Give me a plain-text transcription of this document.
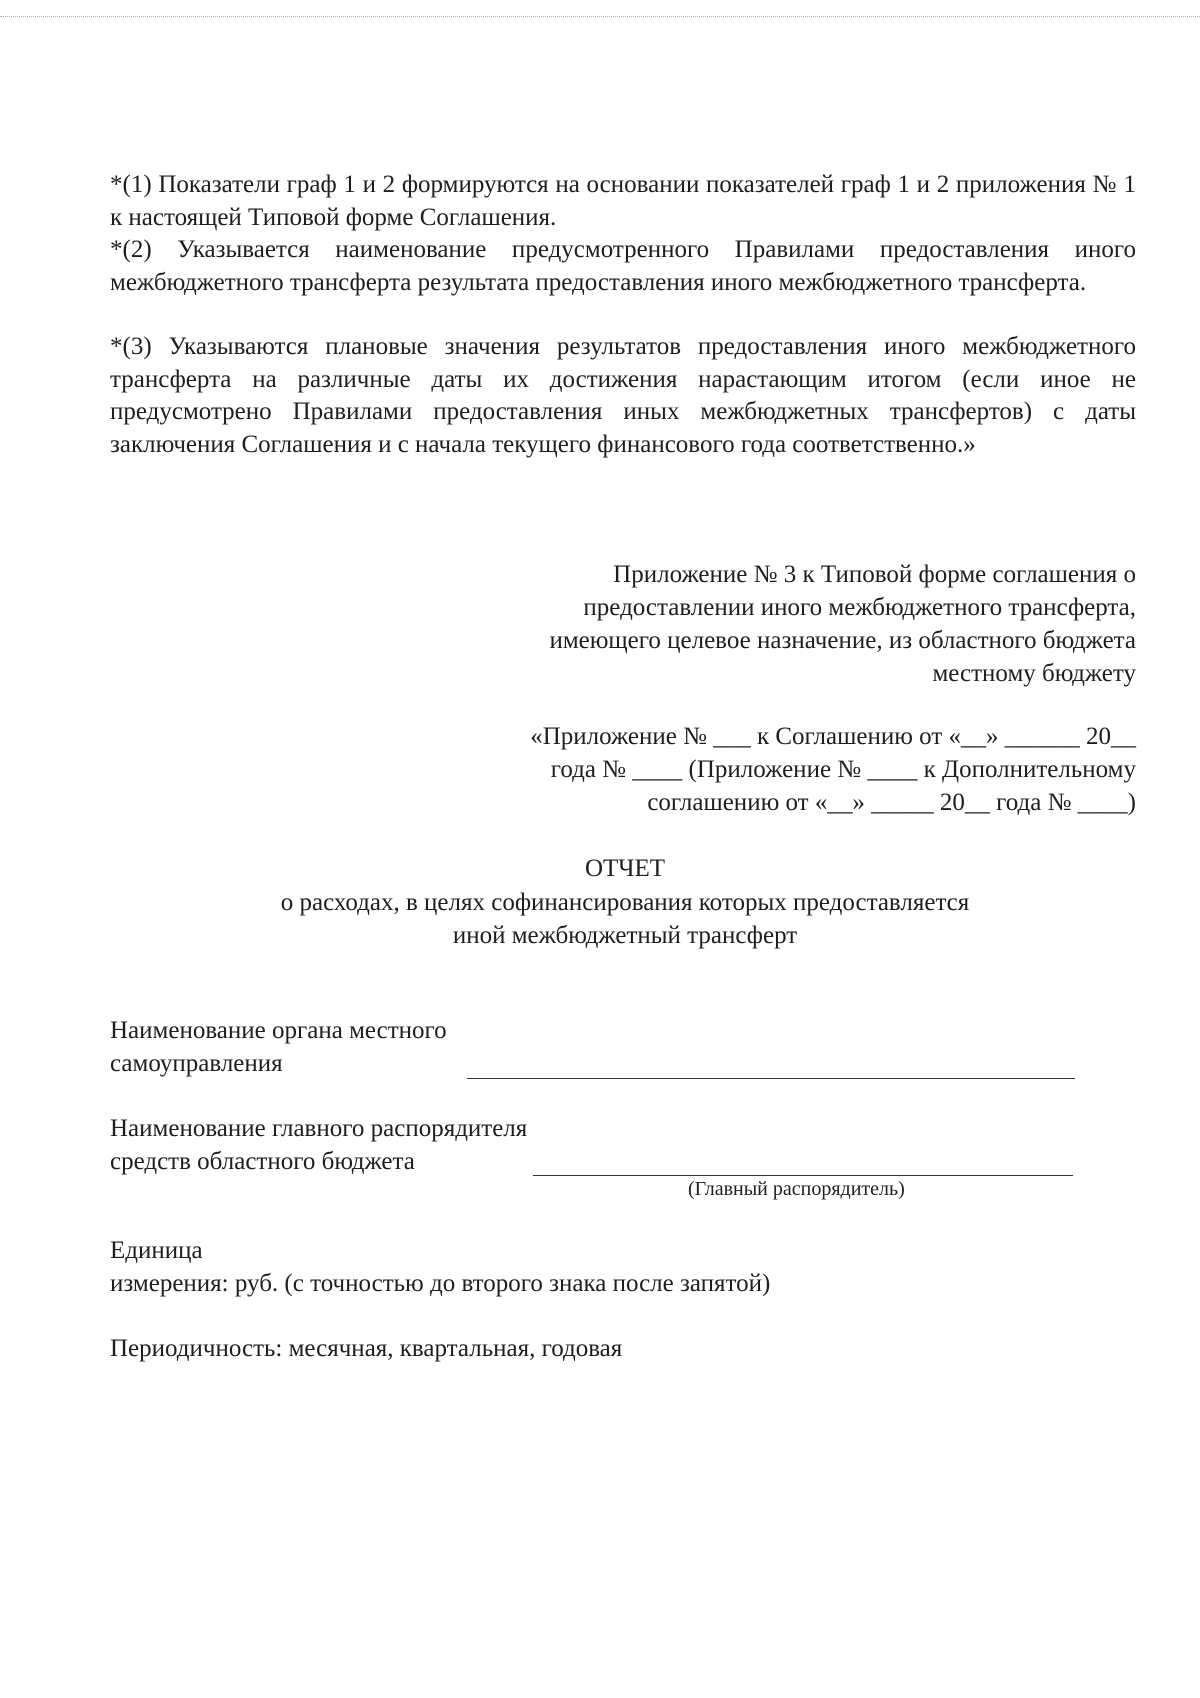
*(1) Показатели граф 1 и 2 формируются на основании показателей граф 1 и 2 приложения № 1 к настоящей Типовой форме Соглашения.
*(2) Указывается наименование предусмотренного Правилами предоставления иного межбюджетного трансферта результата предоставления иного межбюджетного трансферта.
*(3) Указываются плановые значения результатов предоставления иного межбюджетного трансферта на различные даты их достижения нарастающим итогом (если иное не предусмотрено Правилами предоставления иных межбюджетных трансфертов) с даты заключения Соглашения и с начала текущего финансового года соответственно.»
Приложение № 3 к Типовой форме соглашения о
предоставлении иного межбюджетного трансферта,
имеющего целевое назначение, из областного бюджета
местному бюджету
«Приложение № ___ к Соглашению от «__» ______ 20__
года № ____ (Приложение № ____ к Дополнительному
соглашению от «__» _____ 20__ года № ____)
ОТЧЕТ
о расходах, в целях софинансирования которых предоставляется
иной межбюджетный трансферт
Наименование органа местного
самоуправления
Наименование главного распорядителя
средств областного бюджета
(Главный распорядитель)
Единица
измерения: руб. (с точностью до второго знака после запятой)
Периодичность: месячная, квартальная, годовая
